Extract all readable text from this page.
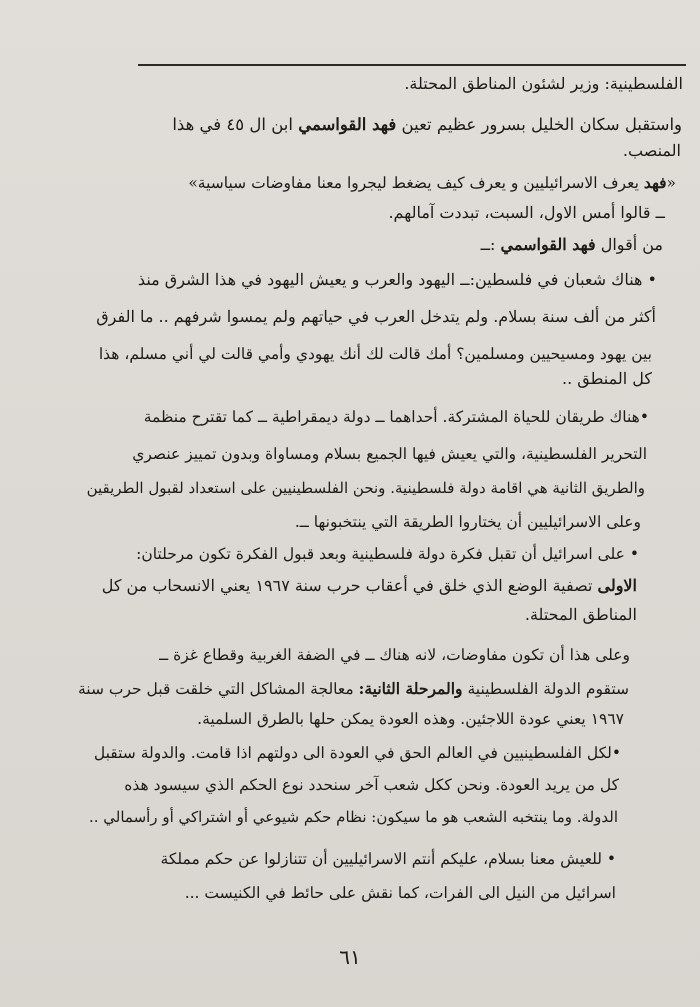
الفلسطينية: وزير لشئون المناطق المحتلة.
واستقبل سكان الخليل بسرور عظيم تعين فهد القواسمي ابن ال ٤٥ في هذا
المنصب.
«فهد يعرف الاسرائيليين و يعرف كيف يضغط ليجروا معنا مفاوضات سياسية»
ــ قالوا أمس الاول، السبت، تبددت آمالهم.
من أقوال فهد القواسمي :ــ
• هناك شعبان في فلسطين:ــ اليهود والعرب و يعيش اليهود في هذا الشرق منذ
أكثر من ألف سنة بسلام. ولم يتدخل العرب في حياتهم ولم يمسوا شرفهم .. ما الفرق
بين يهود ومسيحيين ومسلمين؟ أمك قالت لك أنك يهودي وأمي قالت لي أني مسلم، هذا
كل المنطق ..
•هناك طريقان للحياة المشتركة. أحداهما ــ دولة ديمقراطية ــ كما تقترح منظمة
التحرير الفلسطينية، والتي يعيش فيها الجميع بسلام ومساواة وبدون تمييز عنصري
والطريق الثانية هي اقامة دولة فلسطينية. ونحن الفلسطينيين على استعداد لقبول الطريقين
وعلى الاسرائيليين أن يختاروا الطريقة التي ينتخبونها ــ.
• على اسرائيل أن تقبل فكرة دولة فلسطينية وبعد قبول الفكرة تكون مرحلتان:
الاولى تصفية الوضع الذي خلق في أعقاب حرب سنة ١٩٦٧ يعني الانسحاب من كل
المناطق المحتلة.
وعلى هذا أن تكون مفاوضات، لانه هناك ــ في الضفة الغربية وقطاع غزة ــ
ستقوم الدولة الفلسطينية والمرحلة الثانية: معالجة المشاكل التي خلقت قبل حرب سنة
١٩٦٧ يعني عودة اللاجئين. وهذه العودة يمكن حلها بالطرق السلمية.
•لكل الفلسطينيين في العالم الحق في العودة الى دولتهم اذا قامت. والدولة ستقبل
كل من يريد العودة. ونحن ككل شعب آخر سنحدد نوع الحكم الذي سيسود هذه
الدولة. وما ينتخبه الشعب هو ما سيكون: نظام حكم شيوعي أو اشتراكي أو رأسمالي ..
• للعيش معنا بسلام، عليكم أنتم الاسرائيليين أن تتنازلوا عن حكم مملكة
اسرائيل من النيل الى الفرات، كما نقش على حائط في الكنيست ...
٦١
